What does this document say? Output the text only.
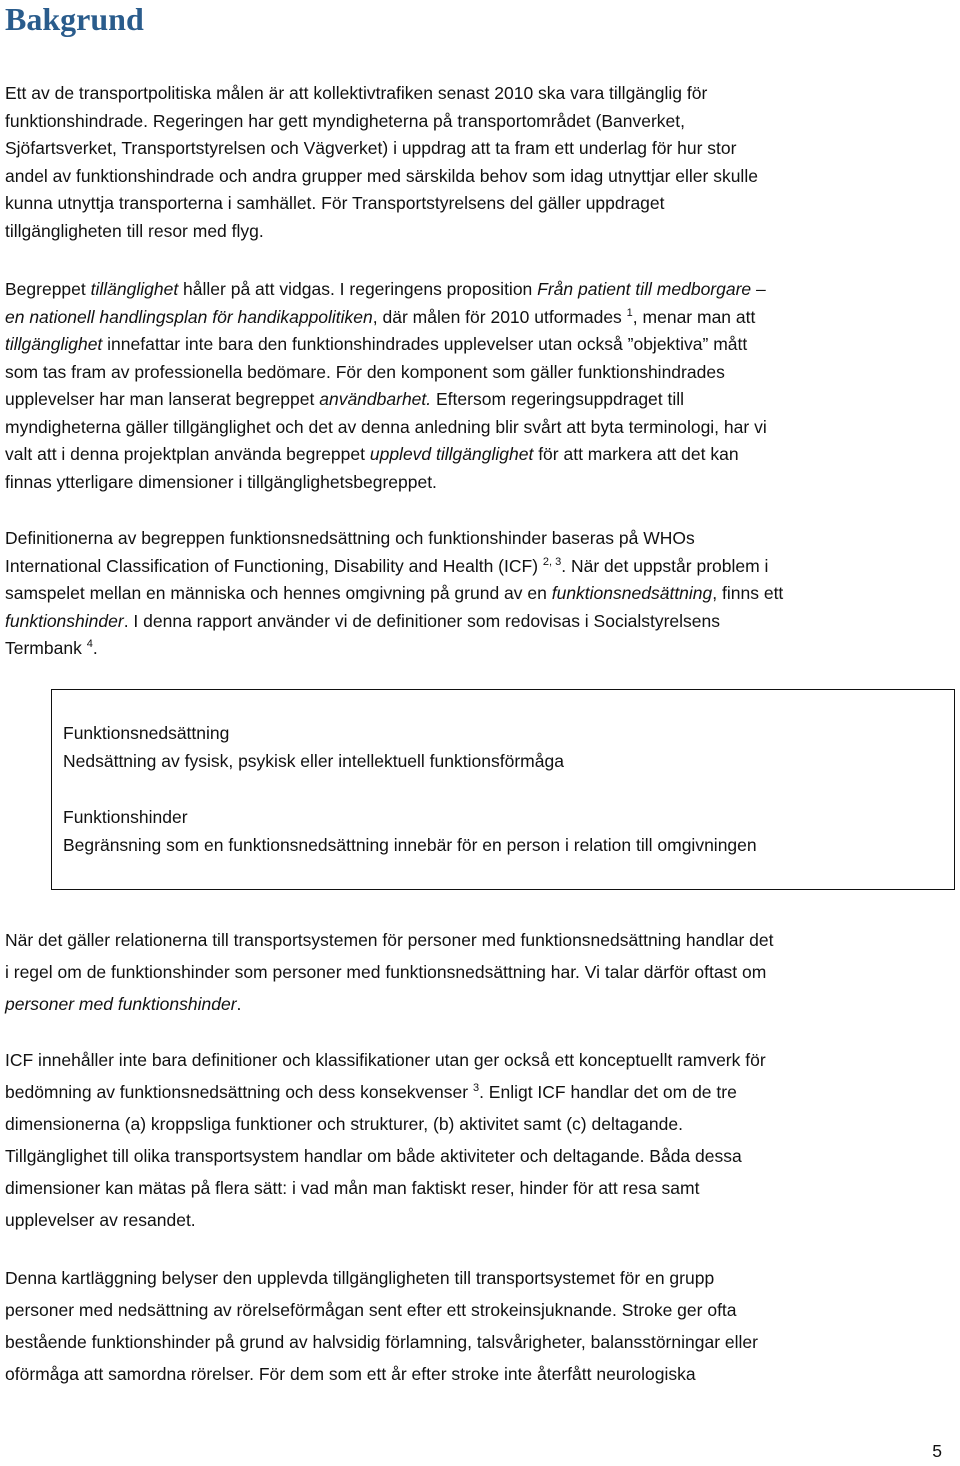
Bakgrund
Ett av de transportpolitiska målen är att kollektivtrafiken senast 2010 ska vara tillgänglig för
funktionshindrade. Regeringen har gett myndigheterna på transportområdet (Banverket,
Sjöfartsverket, Transportstyrelsen och Vägverket) i uppdrag att ta fram ett underlag för hur stor
andel av funktionshindrade och andra grupper med särskilda behov som idag utnyttjar eller skulle
kunna utnyttja transporterna i samhället. För Transportstyrelsens del gäller uppdraget
tillgängligheten till resor med flyg.
Begreppet tillänglighet håller på att vidgas. I regeringens proposition Från patient till medborgare –
en nationell handlingsplan för handikappolitiken, där målen för 2010 utformades $^1$, menar man att
tillgänglighet innefattar inte bara den funktionshindrades upplevelser utan också ”objektiva” mått
som tas fram av professionella bedömare. För den komponent som gäller funktionshindrades
upplevelser har man lanserat begreppet användbarhet. Eftersom regeringsuppdraget till
myndigheterna gäller tillgänglighet och det av denna anledning blir svårt att byta terminologi, har vi
valt att i denna projektplan använda begreppet upplevd tillgänglighet för att markera att det kan
finnas ytterligare dimensioner i tillgänglighetsbegreppet.
Definitionerna av begreppen funktionsnedsättning och funktionshinder baseras på WHOs
International Classification of Functioning, Disability and Health (ICF) $^{2, 3}$. När det uppstår problem i
samspelet mellan en människa och hennes omgivning på grund av en funktionsnedsättning, finns ett
funktionshinder. I denna rapport använder vi de definitioner som redovisas i Socialstyrelsens
Termbank $^4$.
Funktionsnedsättning
Nedsättning av fysisk, psykisk eller intellektuell funktionsförmåga
Funktionshinder
Begränsning som en funktionsnedsättning innebär för en person i relation till omgivningen
När det gäller relationerna till transportsystemen för personer med funktionsnedsättning handlar det
i regel om de funktionshinder som personer med funktionsnedsättning har. Vi talar därför oftast om
personer med funktionshinder.
ICF innehåller inte bara definitioner och klassifikationer utan ger också ett konceptuellt ramverk för
bedömning av funktionsnedsättning och dess konsekvenser $^3$. Enligt ICF handlar det om de tre
dimensionerna (a) kroppsliga funktioner och strukturer, (b) aktivitet samt (c) deltagande.
Tillgänglighet till olika transportsystem handlar om både aktiviteter och deltagande. Båda dessa
dimensioner kan mätas på flera sätt: i vad mån man faktiskt reser, hinder för att resa samt
upplevelser av resandet.
Denna kartläggning belyser den upplevda tillgängligheten till transportsystemet för en grupp
personer med nedsättning av rörelseförmågan sent efter ett strokeinsjuknande. Stroke ger ofta
bestående funktionshinder på grund av halvsidig förlamning, talsvårigheter, balansstörningar eller
oförmåga att samordna rörelser. För dem som ett år efter stroke inte återfått neurologiska
5
